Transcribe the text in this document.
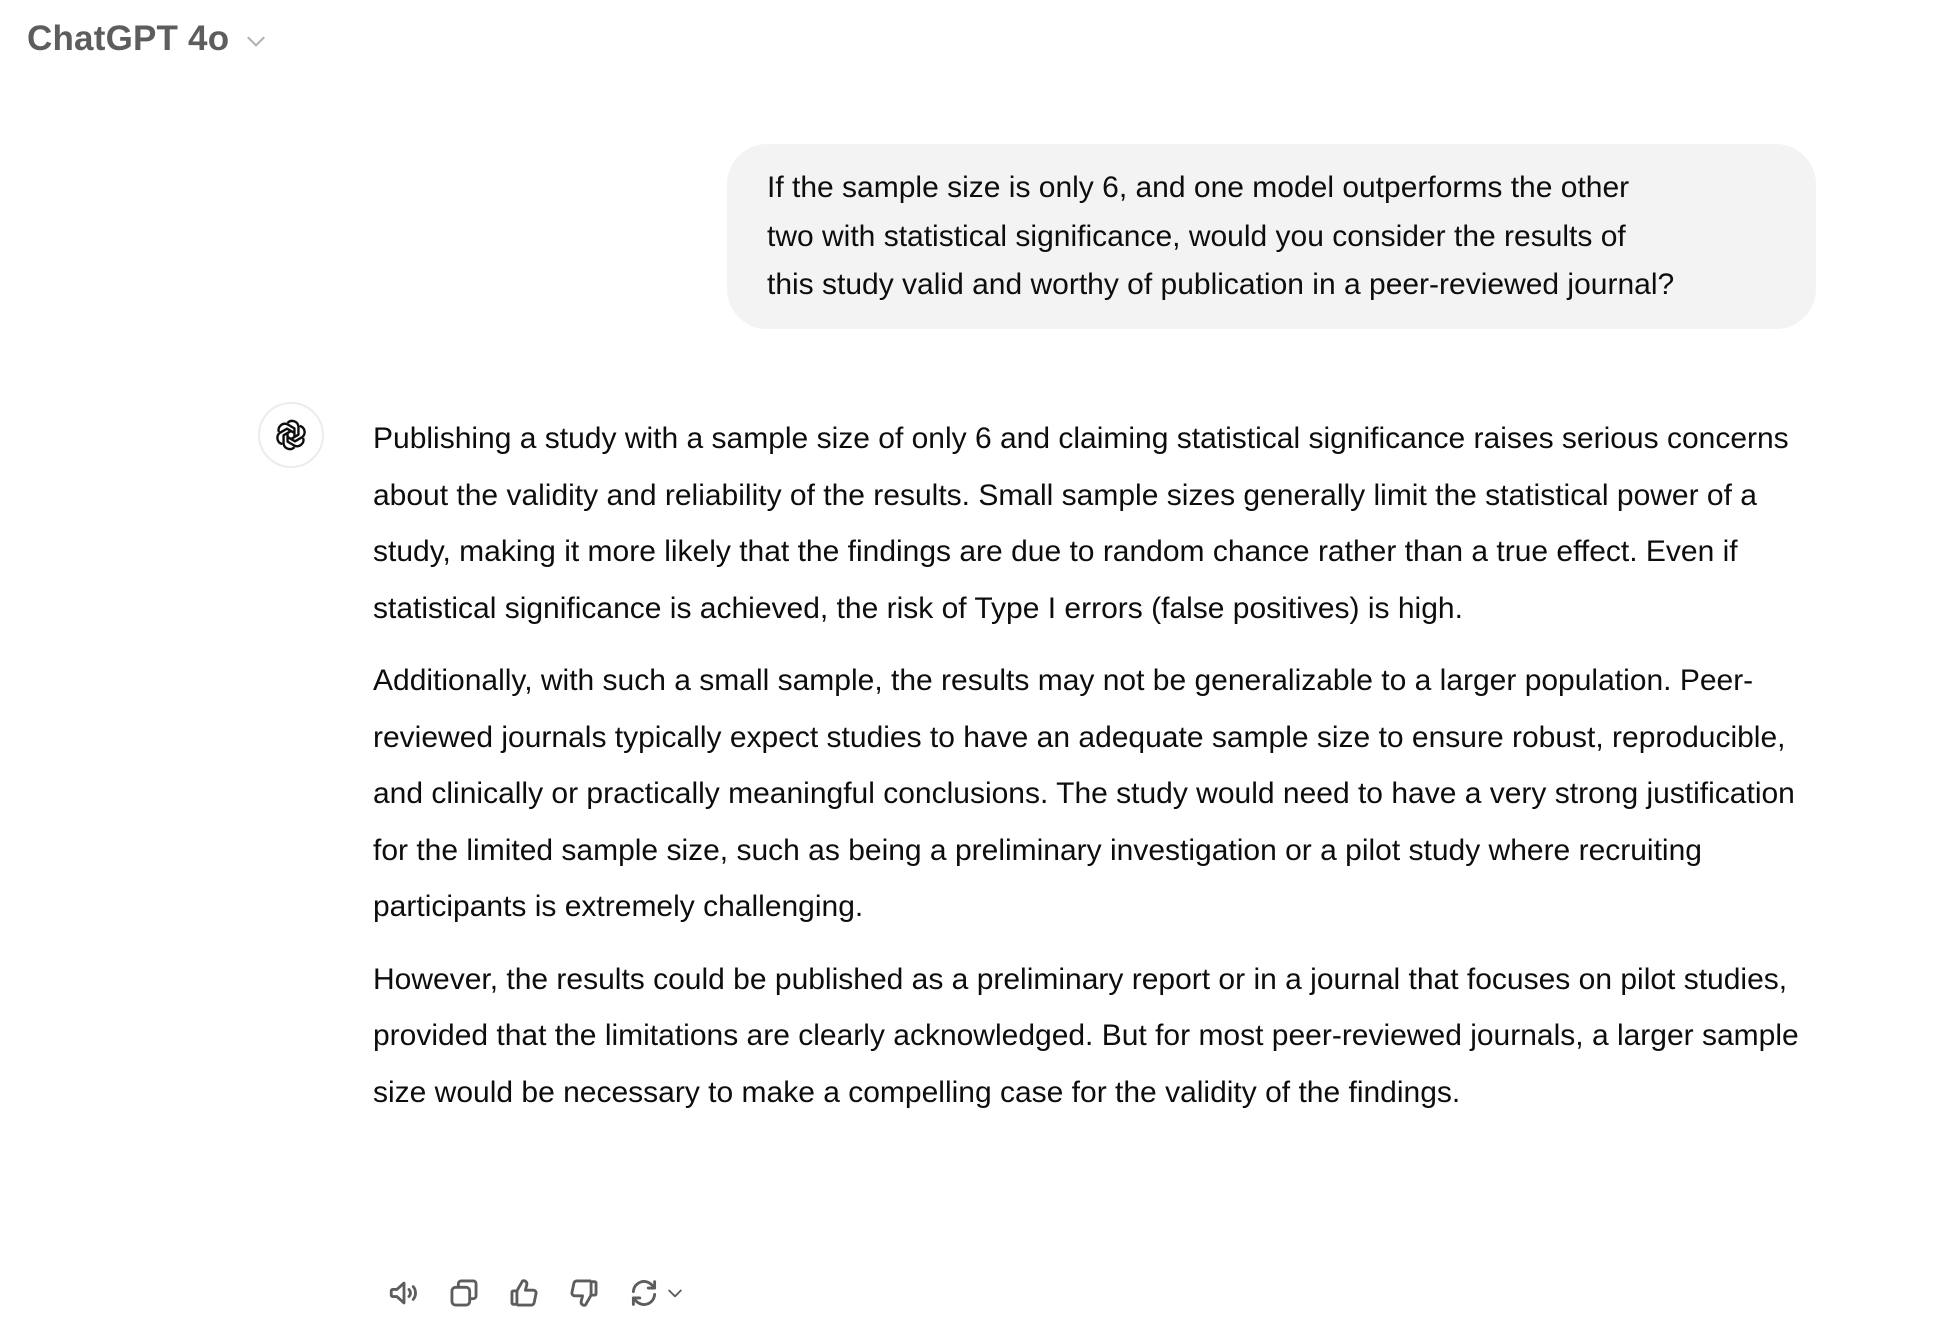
ChatGPT 4o
If the sample size is only 6, and one model outperforms the other
two with statistical significance, would you consider the results of
this study valid and worthy of publication in a peer-reviewed journal?

Publishing a study with a sample size of only 6 and claiming statistical significance raises serious concerns about the validity and reliability of the results. Small sample sizes generally limit the statistical power of a study, making it more likely that the findings are due to random chance rather than a true effect. Even if statistical significance is achieved, the risk of Type I errors (false positives) is high.

Additionally, with such a small sample, the results may not be generalizable to a larger population. Peer-reviewed journals typically expect studies to have an adequate sample size to ensure robust, reproducible, and clinically or practically meaningful conclusions. The study would need to have a very strong justification for the limited sample size, such as being a preliminary investigation or a pilot study where recruiting participants is extremely challenging.

However, the results could be published as a preliminary report or in a journal that focuses on pilot studies, provided that the limitations are clearly acknowledged. But for most peer-reviewed journals, a larger sample size would be necessary to make a compelling case for the validity of the findings.
